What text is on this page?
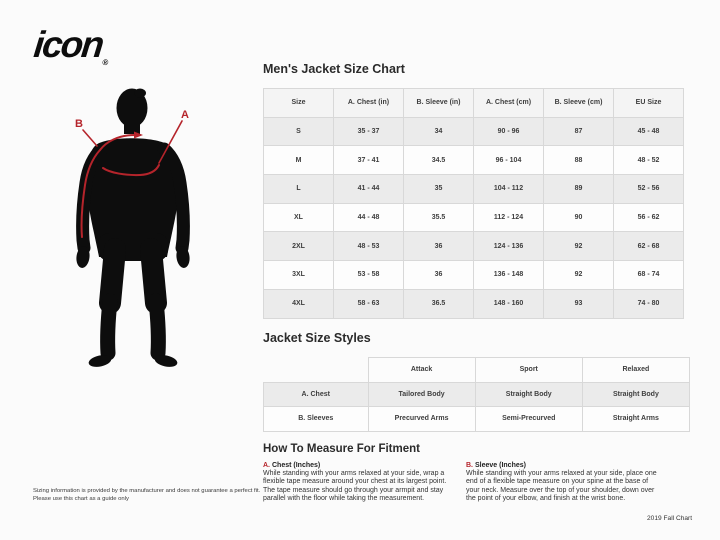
icon®
A
B
Men's Jacket Size Chart
Size	A. Chest (in)	B. Sleeve (in)	A. Chest (cm)	B. Sleeve (cm)	EU Size
S	35 - 37	34	90 - 96	87	45 - 48
M	37 - 41	34.5	96 - 104	88	48 - 52
L	41 - 44	35	104 - 112	89	52 - 56
XL	44 - 48	35.5	112 - 124	90	56 - 62
2XL	48 - 53	36	124 - 136	92	62 - 68
3XL	53 - 58	36	136 - 148	92	68 - 74
4XL	58 - 63	36.5	148 - 160	93	74 - 80
Jacket Size Styles
	Attack	Sport	Relaxed
A. Chest	Tailored Body	Straight Body	Straight Body
B. Sleeves	Precurved Arms	Semi-Precurved	Straight Arms
How To Measure For Fitment
A. Chest (Inches)

While standing with your arms relaxed at your side, wrap a flexible tape measure around your chest at its largest point. The tape measure should go through your armpit and stay parallel with the floor while taking the measurement.

B. Sleeve (Inches)

While standing with your arms relaxed at your side, place one end of a flexible tape measure on your spine at the base of your neck. Measure over the top of your shoulder, down over the point of your elbow, and finish at the wrist bone.

Sizing information is provided by the manufacturer and does not guarantee a perfect fit.
Please use this chart as a guide only
2019 Fall Chart
